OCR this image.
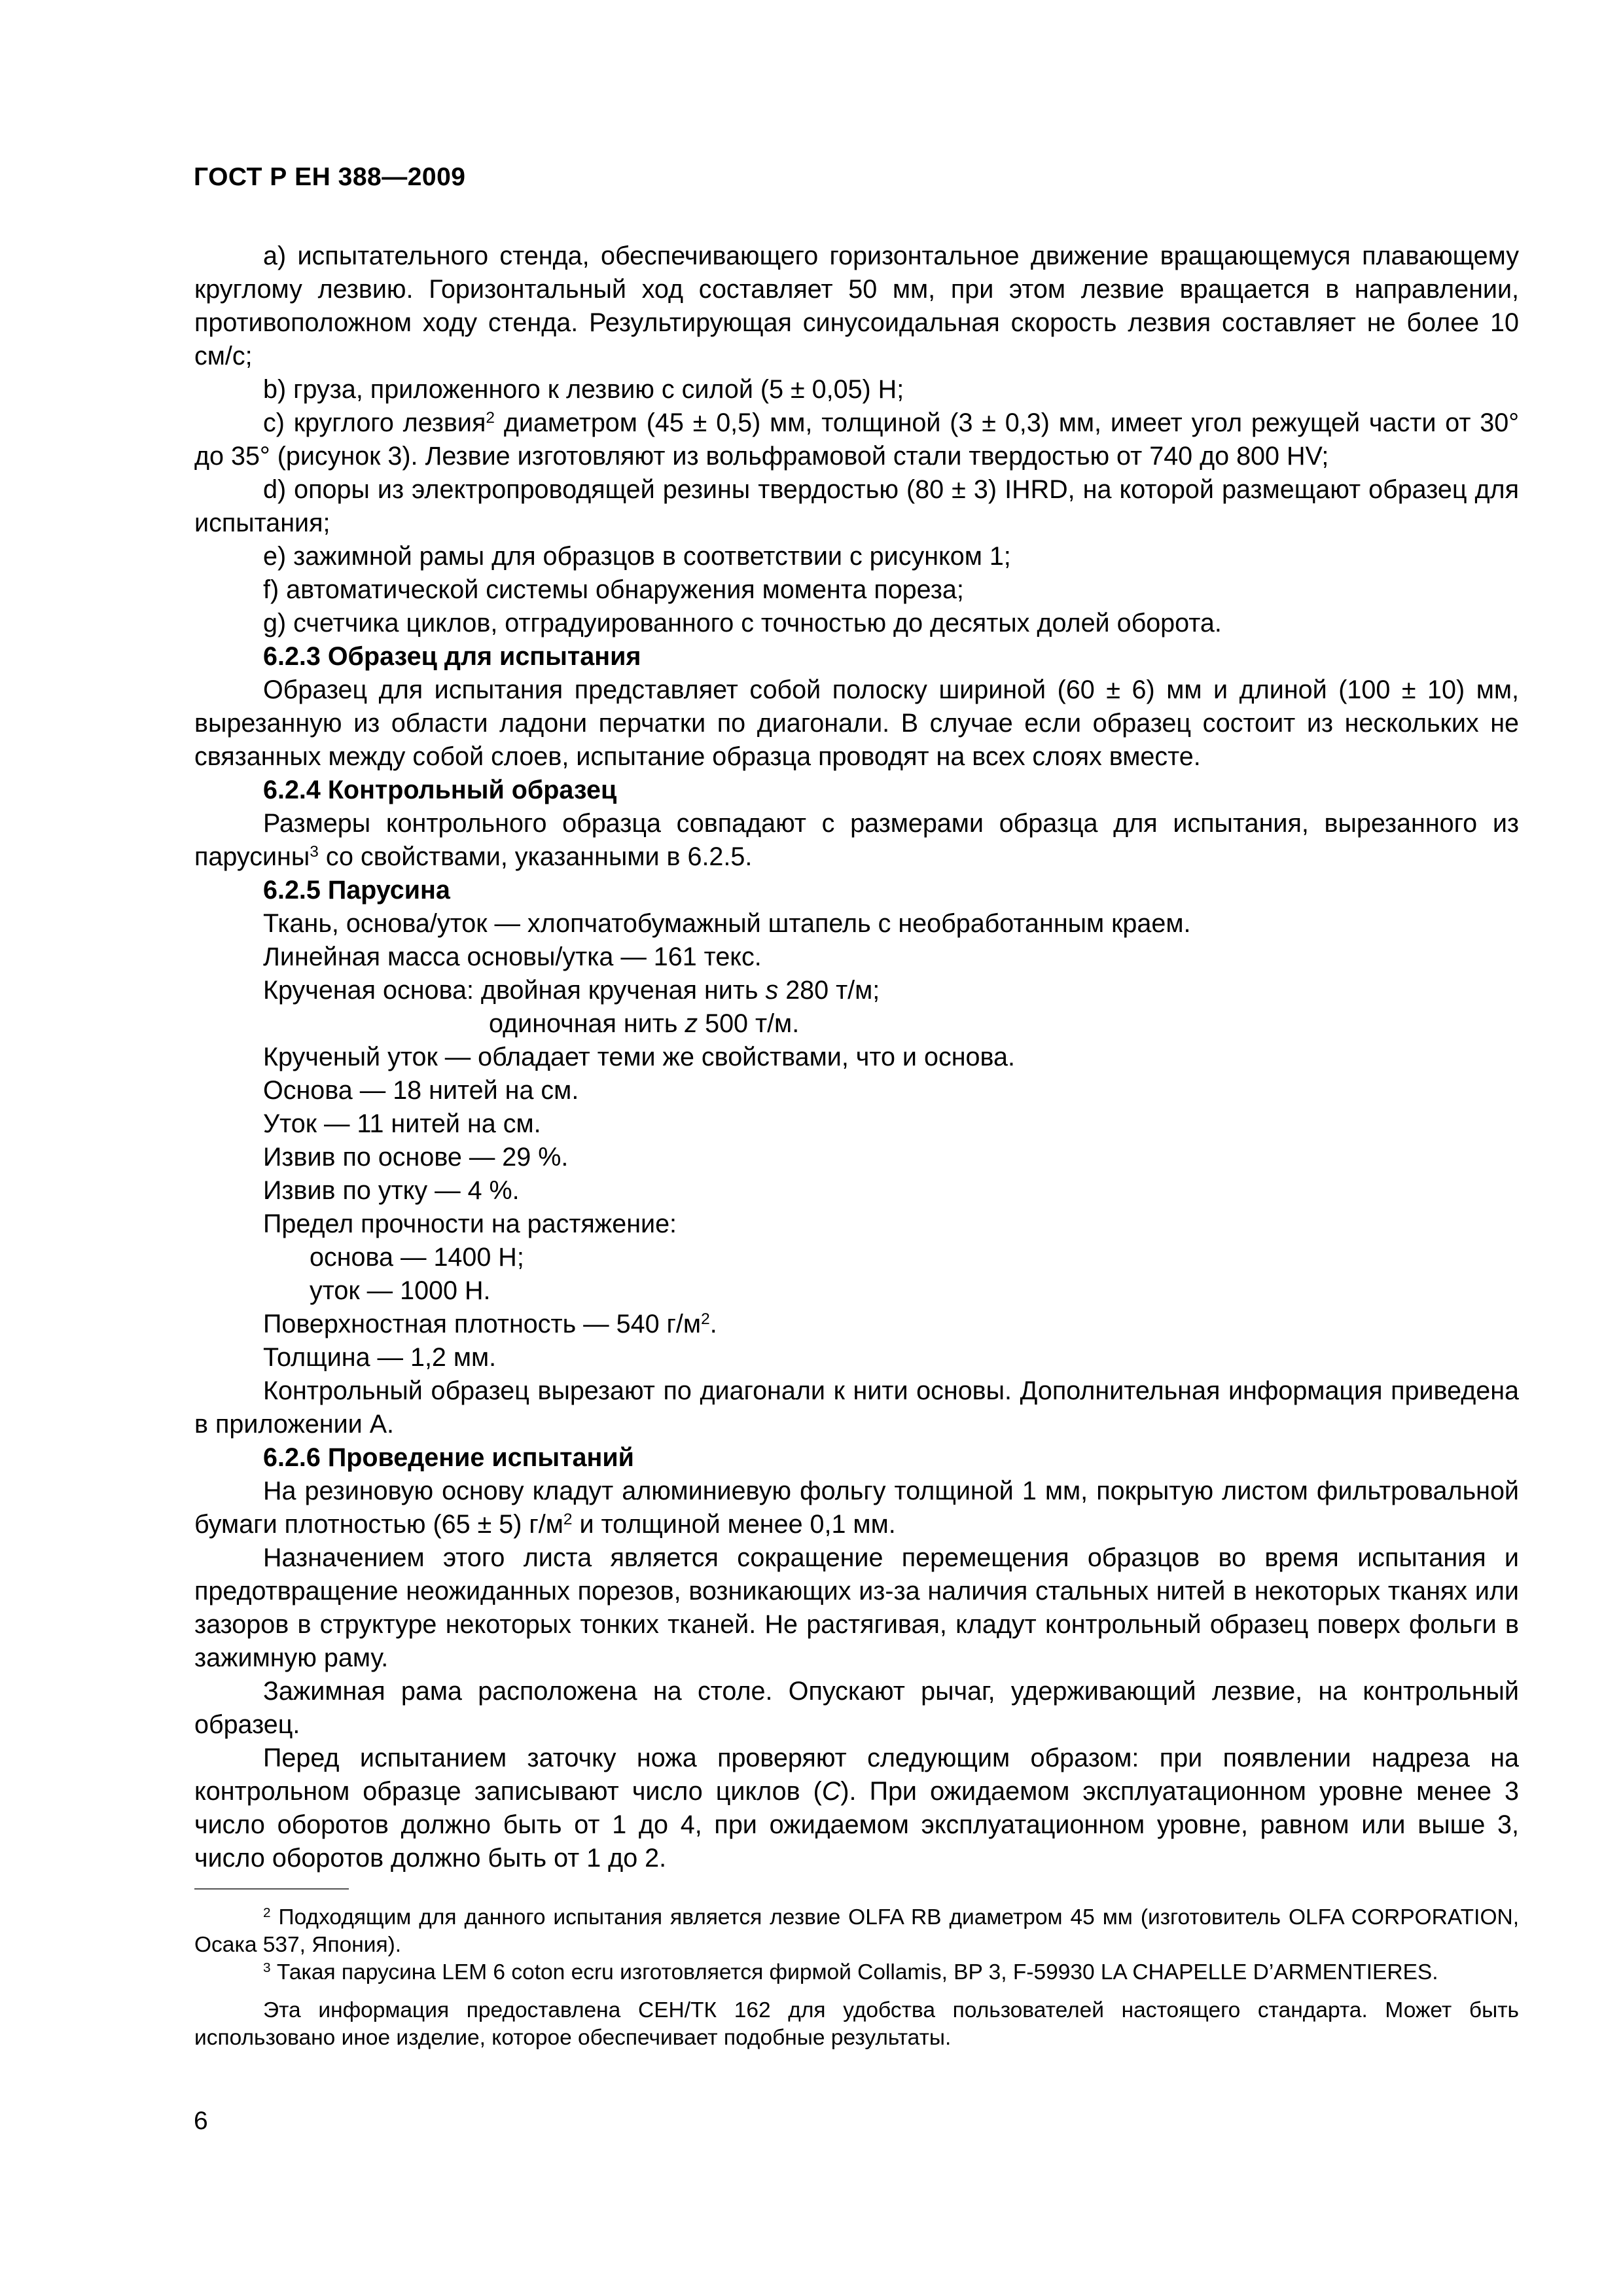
ГОСТ Р ЕН 388—2009

а) испытательного стенда, обеспечивающего горизонтальное движение вращающемуся плавающему круглому лезвию. Горизонтальный ход составляет 50 мм, при этом лезвие вращается в направлении, противоположном ходу стенда. Результирующая синусоидальная скорость лезвия составляет не более 10 см/с;

b) груза, приложенного к лезвию с силой (5 ± 0,05) Н;

с) круглого лезвия$^2$ диаметром (45 ± 0,5) мм, толщиной (3 ± 0,3) мм, имеет угол режущей части от 30° до 35° (рисунок 3). Лезвие изготовляют из вольфрамовой стали твердостью от 740 до 800 HV;

d) опоры из электропроводящей резины твердостью (80 ± 3) IHRD, на которой размещают образец для испытания;

е) зажимной рамы для образцов в соответствии с рисунком 1;

f) автоматической системы обнаружения момента пореза;

g) счетчика циклов, отградуированного с точностью до десятых долей оборота.

6.2.3 Образец для испытания

Образец для испытания представляет собой полоску шириной (60 ± 6) мм и длиной (100 ± 10) мм, вырезанную из области ладони перчатки по диагонали. В случае если образец состоит из нескольких не связанных между собой слоев, испытание образца проводят на всех слоях вместе.

6.2.4 Контрольный образец

Размеры контрольного образца совпадают с размерами образца для испытания, вырезанного из парусины$^3$ со свойствами, указанными в 6.2.5.

6.2.5 Парусина

Ткань, основа/уток — хлопчатобумажный штапель с необработанным краем.

Линейная масса основы/утка — 161 текс.

Крученая основа: двойная крученая нить s 280 т/м;

одиночная нить z 500 т/м.

Крученый уток — обладает теми же свойствами, что и основа.

Основа — 18 нитей на см.

Уток — 11 нитей на см.

Извив по основе — 29 %.

Извив по утку — 4 %.

Предел прочности на растяжение:

основа — 1400 Н;

уток — 1000 Н.

Поверхностная плотность — 540 $г/м^2$.

Толщина — 1,2 мм.

Контрольный образец вырезают по диагонали к нити основы. Дополнительная информация приведена в приложении А.

6.2.6 Проведение испытаний

На резиновую основу кладут алюминиевую фольгу толщиной 1 мм, покрытую листом фильтровальной бумаги плотностью (65 ± 5) $г/м^2$ и толщиной менее 0,1 мм.

Назначением этого листа является сокращение перемещения образцов во время испытания и предотвращение неожиданных порезов, возникающих из-за наличия стальных нитей в некоторых тканях или зазоров в структуре некоторых тонких тканей. Не растягивая, кладут контрольный образец поверх фольги в зажимную раму.

Зажимная рама расположена на столе. Опускают рычаг, удерживающий лезвие, на контрольный образец.

Перед испытанием заточку ножа проверяют следующим образом: при появлении надреза на контрольном образце записывают число циклов (С). При ожидаемом эксплуатационном уровне менее 3 число оборотов должно быть от 1 до 4, при ожидаемом эксплуатационном уровне, равном или выше 3, число оборотов должно быть от 1 до 2.

$^2$ Подходящим для данного испытания является лезвие OLFA RB диаметром 45 мм (изготовитель OLFA CORPORATION, Осака 537, Япония).

$^3$ Такая парусина LEM 6 coton ecru изготовляется фирмой Collamis, BP 3, F-59930 LA CHAPELLE D’ARMENTIERES.

Эта информация предоставлена СЕН/ТК 162 для удобства пользователей настоящего стандарта. Может быть использовано иное изделие, которое обеспечивает подобные результаты.

6
